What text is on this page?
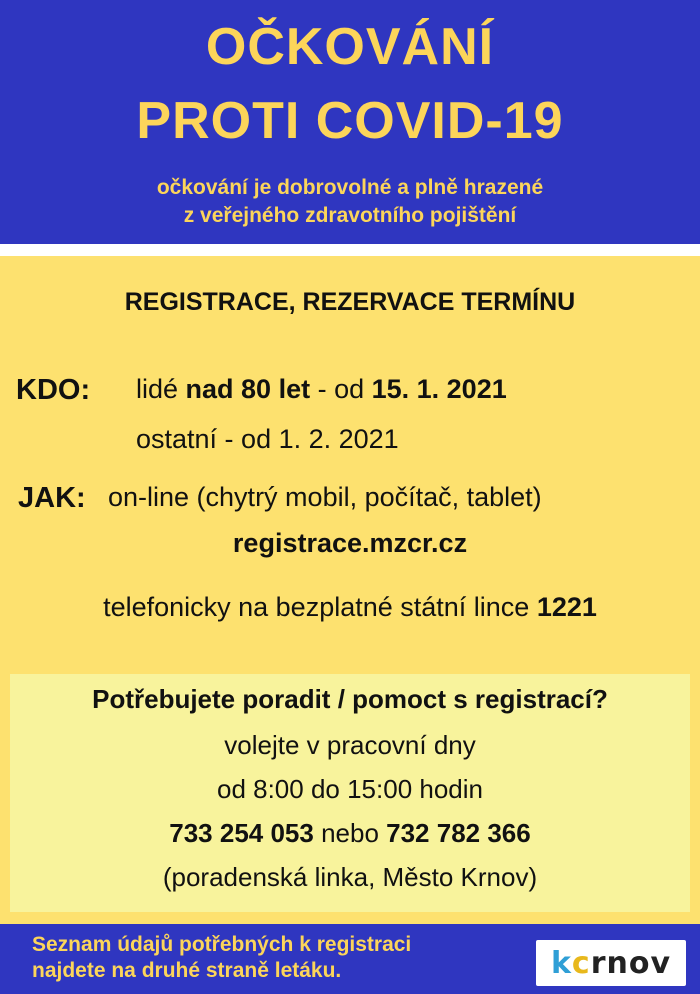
OČKOVÁNÍ
PROTI COVID-19
očkování je dobrovolné a plně hrazené
z veřejného zdravotního pojištění
REGISTRACE, REZERVACE TERMÍNU
KDO: lidé nad 80 let - od 15. 1. 2021
ostatní - od 1. 2. 2021
JAK: on-line (chytrý mobil, počítač, tablet)
registrace.mzcr.cz
telefonicky na bezplatné státní lince 1221
Potřebujete poradit / pomoct s registrací?
volejte v pracovní dny
od 8:00 do 15:00 hodin
733 254 053 nebo 732 782 366
(poradenská linka, Město Krnov)
Seznam údajů potřebných k registraci
najdete na druhé straně letáku.	kcrnov
